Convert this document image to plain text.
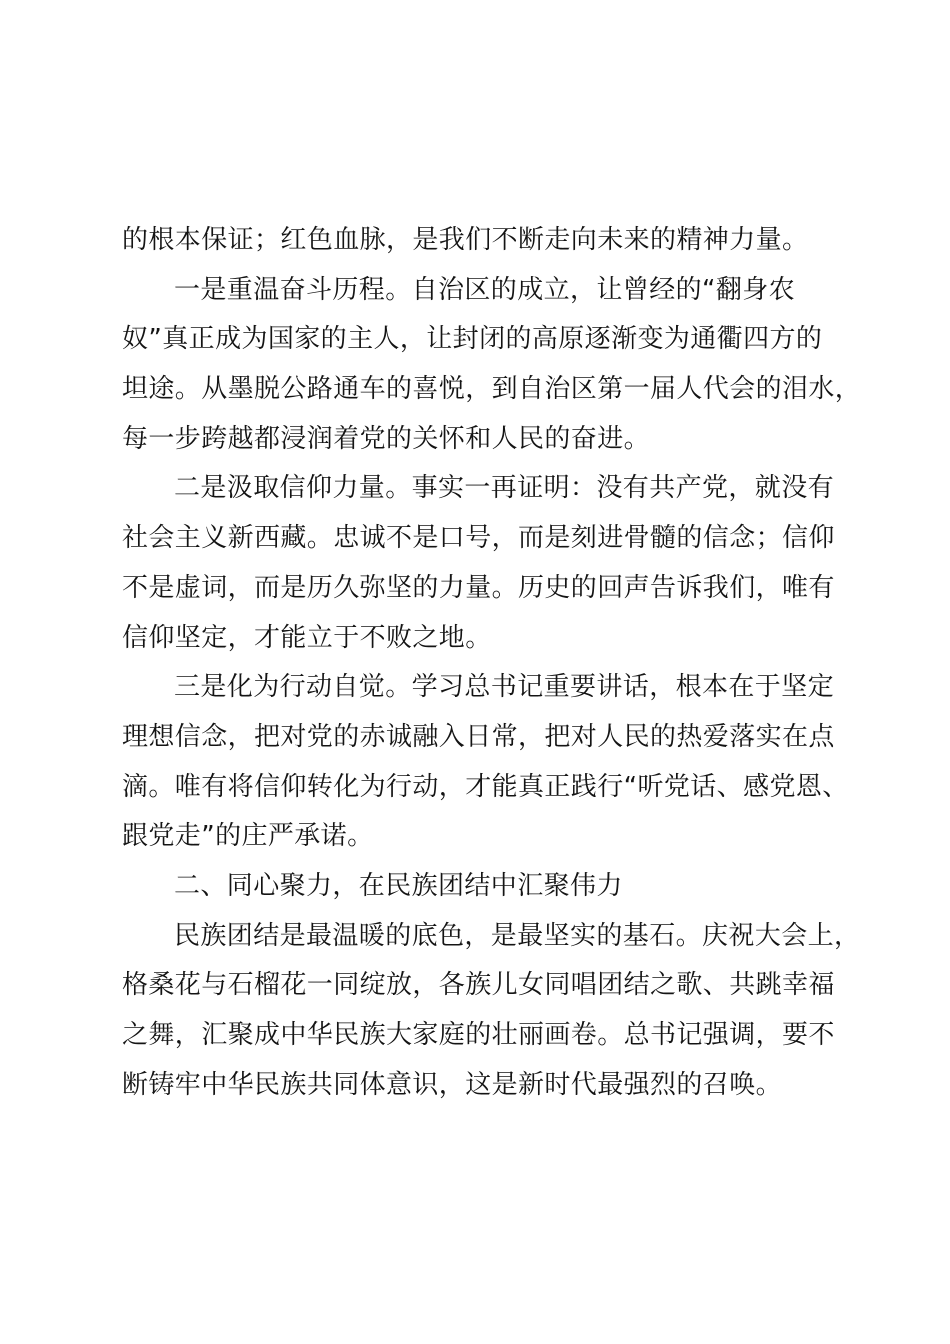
的根本保证；红色血脉，是我们不断走向未来的精神力量。
一是重温奋斗历程。自治区的成立，让曾经的“翻身农
奴”真正成为国家的主人，让封闭的高原逐渐变为通衢四方的
坦途。从墨脱公路通车的喜悦，到自治区第一届人代会的泪水，
每一步跨越都浸润着党的关怀和人民的奋进。
二是汲取信仰力量。事实一再证明：没有共产党，就没有
社会主义新西藏。忠诚不是口号，而是刻进骨髓的信念；信仰
不是虚词，而是历久弥坚的力量。历史的回声告诉我们，唯有
信仰坚定，才能立于不败之地。
三是化为行动自觉。学习总书记重要讲话，根本在于坚定
理想信念，把对党的赤诚融入日常，把对人民的热爱落实在点
滴。唯有将信仰转化为行动，才能真正践行“听党话、感党恩、
跟党走”的庄严承诺。
二、同心聚力，在民族团结中汇聚伟力
民族团结是最温暖的底色，是最坚实的基石。庆祝大会上，
格桑花与石榴花一同绽放，各族儿女同唱团结之歌、共跳幸福
之舞，汇聚成中华民族大家庭的壮丽画卷。总书记强调，要不
断铸牢中华民族共同体意识，这是新时代最强烈的召唤。
